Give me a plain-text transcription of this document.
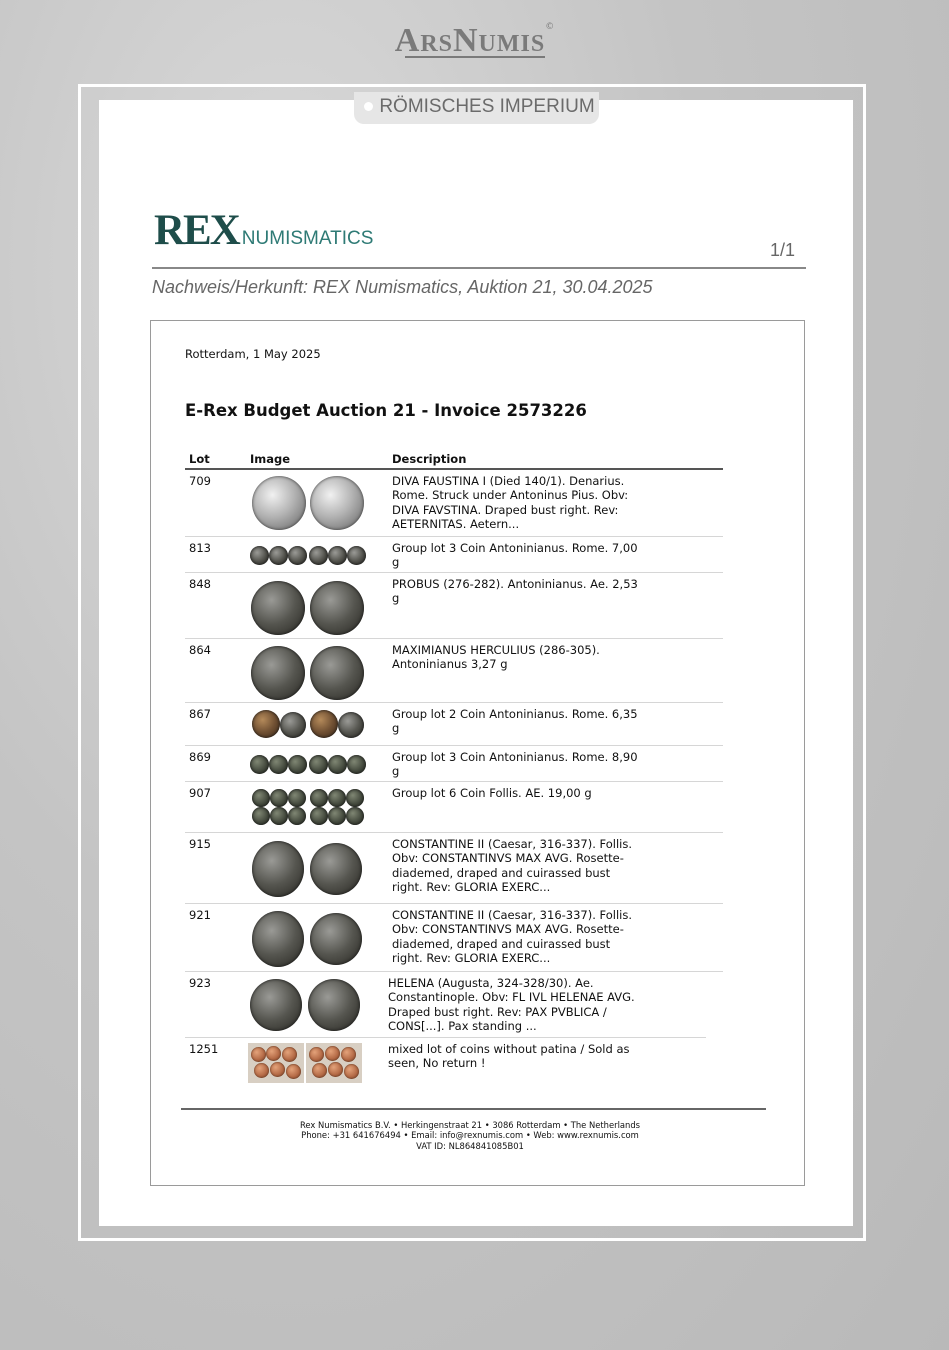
ArsNumis©
RÖMISCHES IMPERIUM
REX NUMISMATICS
1/1
Nachweis/Herkunft: REX Numismatics, Auktion 21, 30.04.2025
Rotterdam, 1 May 2025
E-Rex Budget Auction 21 - Invoice 2573226
Lot	Image	Description
709	DIVA FAUSTINA I (Died 140/1). Denarius. Rome. Struck under Antoninus Pius. Obv: DIVA FAVSTINA. Draped bust right. Rev: AETERNITAS. Aetern...
813	Group lot 3 Coin Antoninianus. Rome. 7,00 g
848	PROBUS (276-282). Antoninianus. Ae. 2,53 g
864	MAXIMIANUS HERCULIUS (286-305). Antoninianus 3,27 g
867	Group lot 2 Coin Antoninianus. Rome. 6,35 g
869	Group lot 3 Coin Antoninianus. Rome. 8,90 g
907	Group lot 6 Coin Follis. AE. 19,00 g
915	CONSTANTINE II (Caesar, 316-337). Follis. Obv: CONSTANTINVS MAX AVG. Rosette-diademed, draped and cuirassed bust right. Rev: GLORIA EXERC...
921	CONSTANTINE II (Caesar, 316-337). Follis. Obv: CONSTANTINVS MAX AVG. Rosette-diademed, draped and cuirassed bust right. Rev: GLORIA EXERC...
923	HELENA (Augusta, 324-328/30). Ae. Constantinople. Obv: FL IVL HELENAE AVG. Draped bust right. Rev: PAX PVBLICA / CONS[...]. Pax standing ...
1251	mixed lot of coins without patina / Sold as seen, No return !
Rex Numismatics B.V. • Herkingenstraat 21 • 3086 Rotterdam • The Netherlands
Phone: +31 641676494 • Email: info@rexnumis.com • Web: www.rexnumis.com
VAT ID: NL864841085B01
